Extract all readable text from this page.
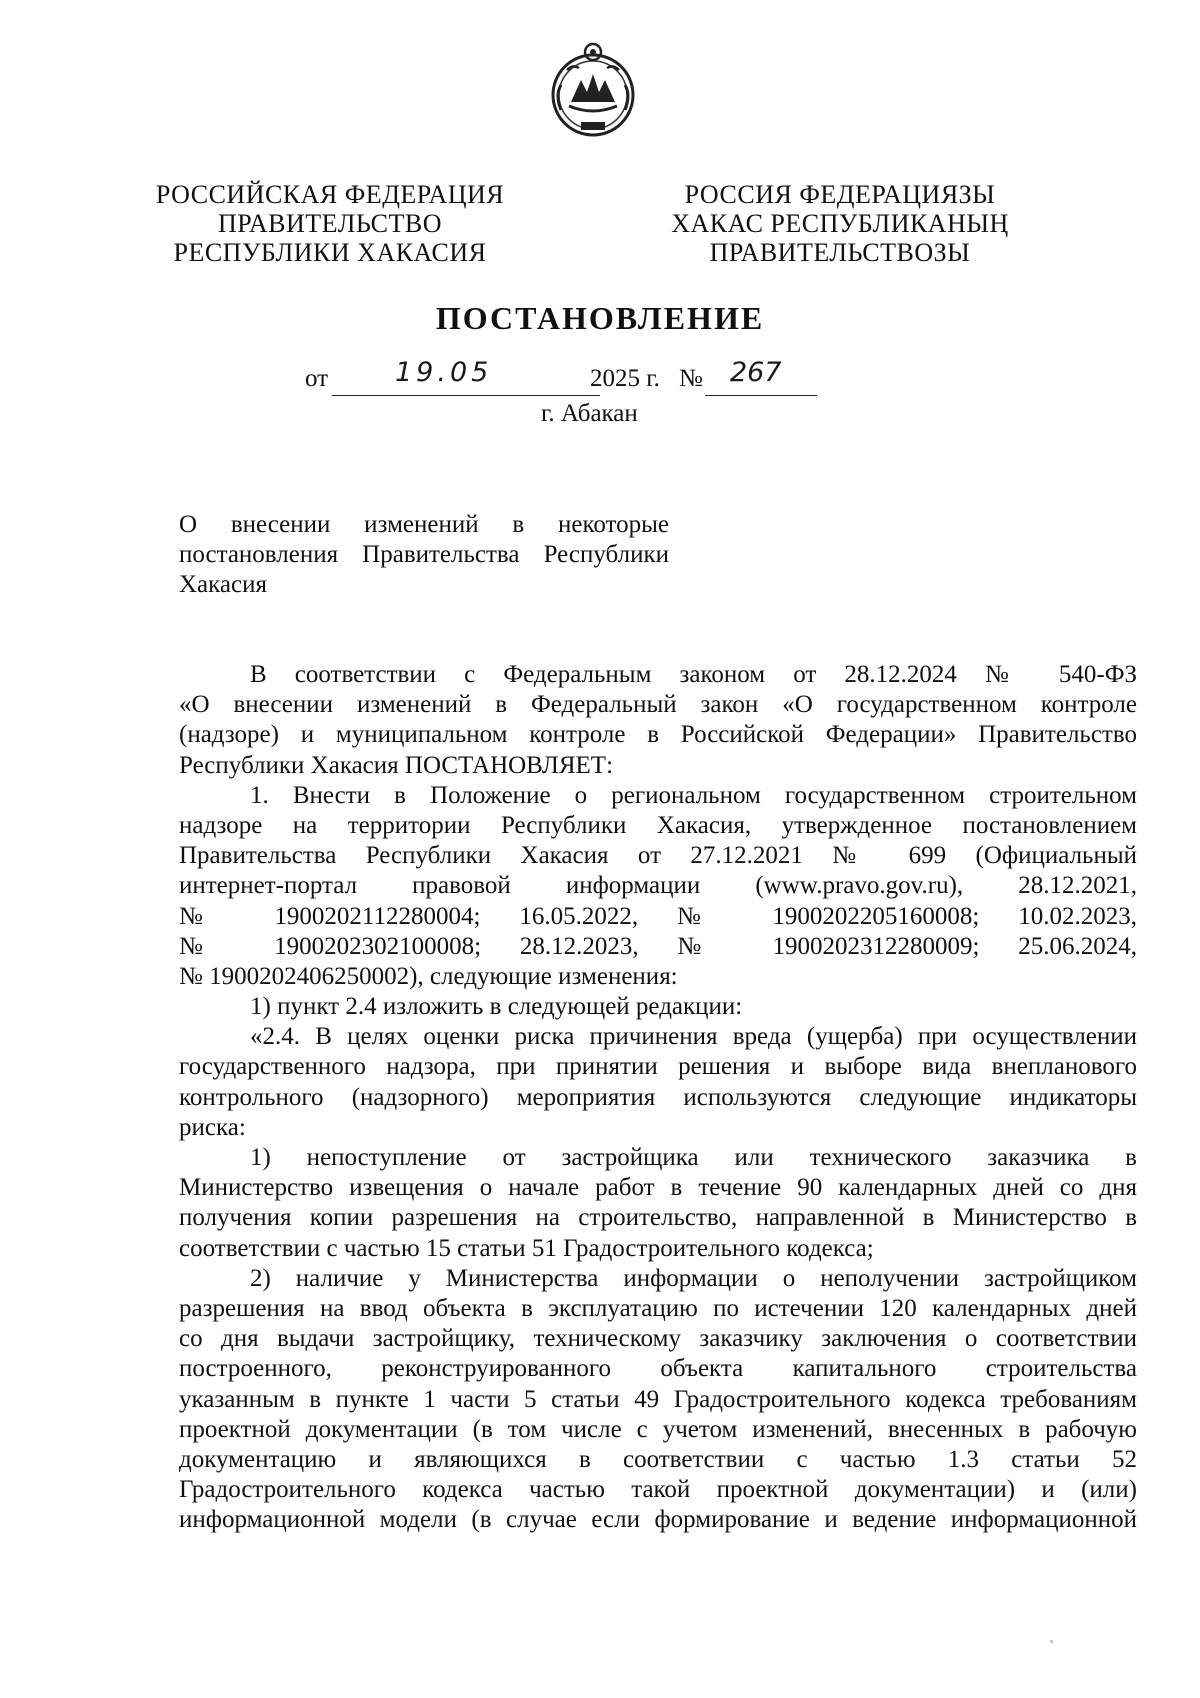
РОССИЙСКАЯ ФЕДЕРАЦИЯ
ПРАВИТЕЛЬСТВО
РЕСПУБЛИКИ ХАКАСИЯ
РОССИЯ ФЕДЕРАЦИЯЗЫ
ХАКАС РЕСПУБЛИКАНЫҢ
ПРАВИТЕЛЬСТВОЗЫ
ПОСТАНОВЛЕНИЕ
от 19.05	2025 г. № 267
г. Абакан
О внесении изменений в некоторые
постановления Правительства Республики
Хакасия
В соответствии с Федеральным законом от 28.12.2024 № 540-ФЗ
«О внесении изменений в Федеральный закон «О государственном контроле
(надзоре) и муниципальном контроле в Российской Федерации» Правительство
Республики Хакасия ПОСТАНОВЛЯЕТ:
1. Внести в Положение о региональном государственном строительном
надзоре на территории Республики Хакасия, утвержденное постановлением
Правительства Республики Хакасия от 27.12.2021 № 699 (Официальный
интернет-портал правовой информации (www.pravo.gov.ru), 28.12.2021,
№ 1900202112280004; 16.05.2022, № 1900202205160008; 10.02.2023,
№ 1900202302100008; 28.12.2023, № 1900202312280009; 25.06.2024,
№ 1900202406250002), следующие изменения:
1) пункт 2.4 изложить в следующей редакции:
«2.4. В целях оценки риска причинения вреда (ущерба) при осуществлении
государственного надзора, при принятии решения и выборе вида внепланового
контрольного (надзорного) мероприятия используются следующие индикаторы
риска:
1) непоступление от застройщика или технического заказчика в
Министерство извещения о начале работ в течение 90 календарных дней со дня
получения копии разрешения на строительство, направленной в Министерство в
соответствии с частью 15 статьи 51 Градостроительного кодекса;
2) наличие у Министерства информации о неполучении застройщиком
разрешения на ввод объекта в эксплуатацию по истечении 120 календарных дней
со дня выдачи застройщику, техническому заказчику заключения о соответствии
построенного, реконструированного объекта капитального строительства
указанным в пункте 1 части 5 статьи 49 Градостроительного кодекса требованиям
проектной документации (в том числе с учетом изменений, внесенных в рабочую
документацию и являющихся в соответствии с частью 1.3 статьи 52
Градостроительного кодекса частью такой проектной документации) и (или)
информационной модели (в случае если формирование и ведение информационной
